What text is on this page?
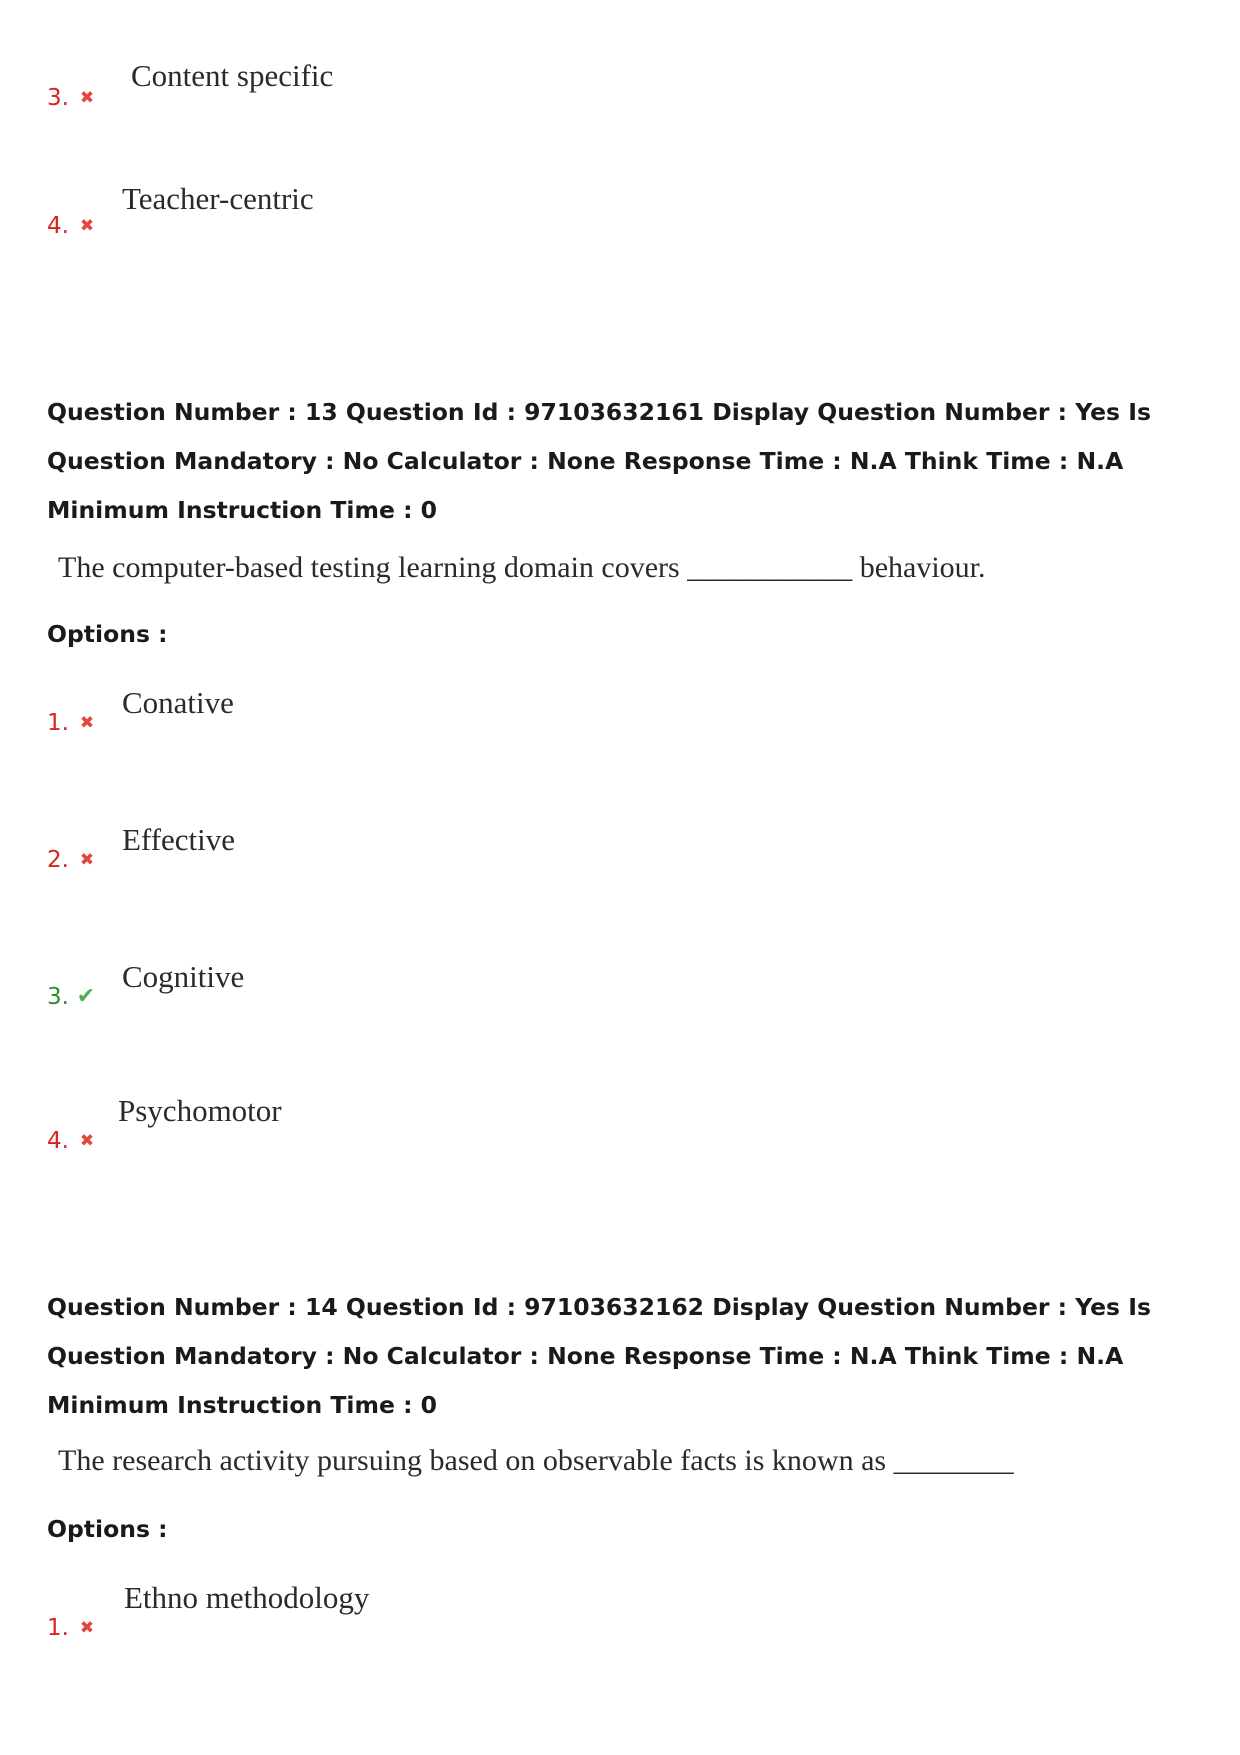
3. ✖
Content specific
4. ✖
Teacher-centric
Question Number : 13 Question Id : 97103632161 Display Question Number : Yes Is Question Mandatory : No Calculator : None Response Time : N.A Think Time : N.A Minimum Instruction Time : 0
The computer-based testing learning domain covers ___________ behaviour.
Options :
1. ✖
Conative
2. ✖
Effective
3. ✔
Cognitive
4. ✖
Psychomotor
Question Number : 14 Question Id : 97103632162 Display Question Number : Yes Is Question Mandatory : No Calculator : None Response Time : N.A Think Time : N.A Minimum Instruction Time : 0
The research activity pursuing based on observable facts is known as ________
Options :
1. ✖
Ethno methodology
